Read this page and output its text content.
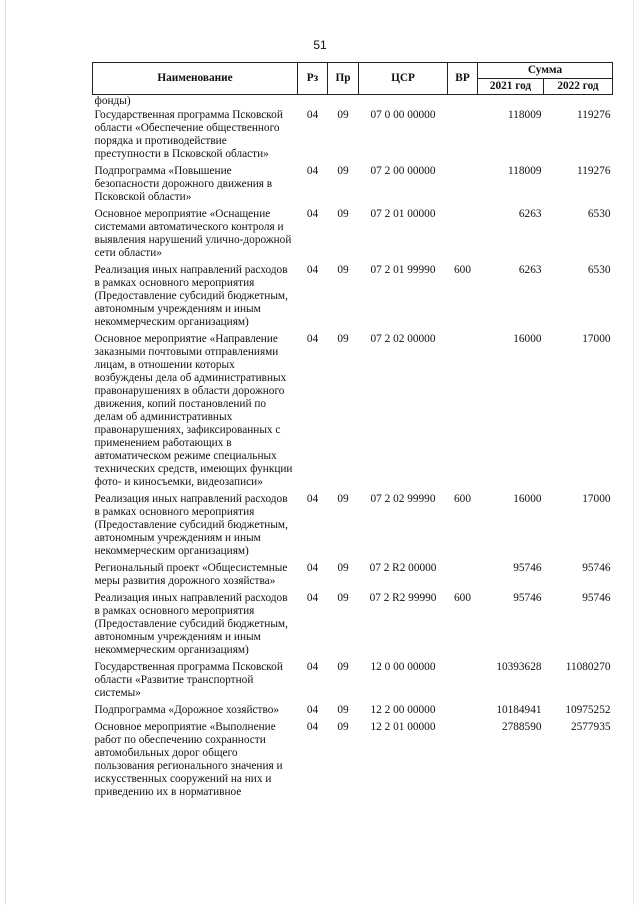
51
Наименование	Рз	Пр	ЦСР	ВР	Сумма	
					2021 год	2022 год
фонды)						
Государственная программа Псковской области «Обеспечение общественного порядка и противодействие преступности в Псковской области»	04	09	07 0 00 00000		118009	119276
Подпрограмма «Повышение безопасности дорожного движения в Псковской области»	04	09	07 2 00 00000		118009	119276
Основное мероприятие «Оснащение системами автоматического контроля и выявления нарушений улично-дорожной сети области»	04	09	07 2 01 00000		6263	6530
Реализация иных направлений расходов в рамках основного мероприятия (Предоставление субсидий бюджетным, автономным учреждениям и иным некоммерческим организациям)	04	09	07 2 01 99990	600	6263	6530
Основное мероприятие «Направление заказными почтовыми отправлениями лицам, в отношении которых возбуждены дела об административных правонарушениях в области дорожного движения, копий постановлений по делам об административных правонарушениях, зафиксированных с применением работающих в автоматическом режиме специальных технических средств, имеющих функции фото- и киносъемки, видеозаписи»	04	09	07 2 02 00000		16000	17000
Реализация иных направлений расходов в рамках основного мероприятия (Предоставление субсидий бюджетным, автономным учреждениям и иным некоммерческим организациям)	04	09	07 2 02 99990	600	16000	17000
Региональный проект «Общесистемные меры развития дорожного хозяйства»	04	09	07 2 R2 00000		95746	95746
Реализация иных направлений расходов в рамках основного мероприятия (Предоставление субсидий бюджетным, автономным учреждениям и иным некоммерческим организациям)	04	09	07 2 R2 99990	600	95746	95746
Государственная программа Псковской области «Развитие транспортной системы»	04	09	12 0 00 00000		10393628	11080270
Подпрограмма «Дорожное хозяйство»	04	09	12 2 00 00000		10184941	10975252
Основное мероприятие «Выполнение работ по обеспечению сохранности автомобильных дорог общего пользования регионального значения и искусственных сооружений на них и приведению их в нормативное	04	09	12 2 01 00000		2788590	2577935
